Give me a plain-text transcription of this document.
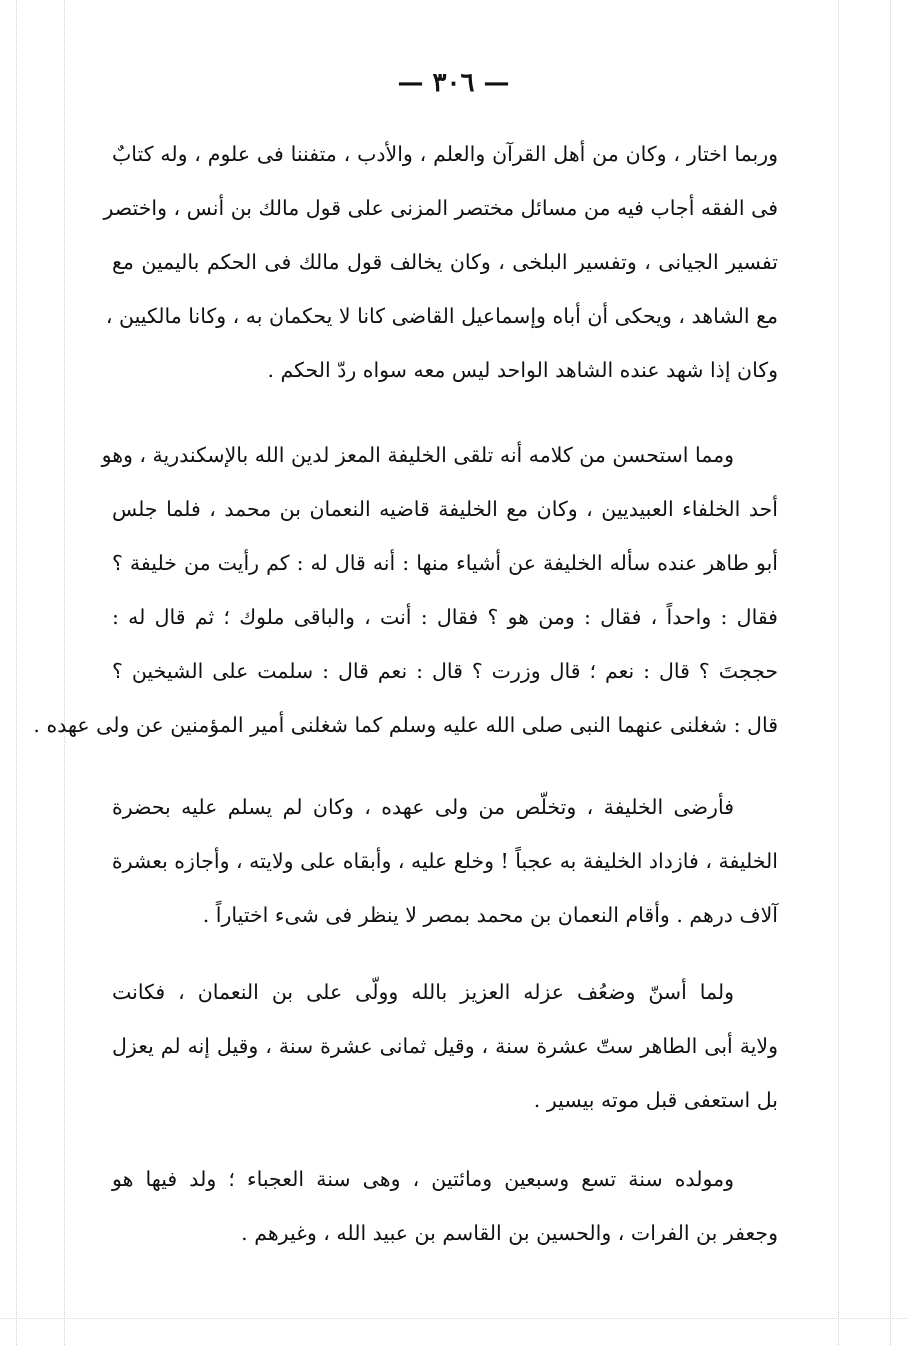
— ٣٠٦ —
وربما اختار ، وكان من أهل القرآن والعلم ، والأدب ، متفننا فى علوم ، وله كتابٌ
فى الفقه أجاب فيه من مسائل مختصر المزنى على قول مالك بن أنس ، واختصر
تفسير الجيانى ، وتفسير البلخى ، وكان يخالف قول مالك فى الحكم باليمين مع
مع الشاهد ، ويحكى أن أباه وإسماعيل القاضى كانا لا يحكمان به ، وكانا مالكيين ،
وكان إذا شهد عنده الشاهد الواحد ليس معه سواه ردّ الحكم .
ومما استحسن من كلامه أنه تلقى الخليفة المعز لدين الله بالإسكندرية ، وهو
أحد الخلفاء العبيديين ، وكان مع الخليفة قاضيه النعمان بن محمد ، فلما جلس
أبو طاهر عنده سأله الخليفة عن أشياء منها : أنه قال له : كم رأيت من خليفة ؟
فقال : واحداً ، فقال : ومن هو ؟ فقال : أنت ، والباقى ملوك ؛ ثم قال له :
حججتَ ؟ قال : نعم ؛ قال وزرت ؟ قال : نعم قال : سلمت على الشيخين ؟
قال : شغلنى عنهما النبى صلى الله عليه وسلم كما شغلنى أمير المؤمنين عن ولى عهده .
فأرضى الخليفة ، وتخلّص من ولى عهده ، وكان لم يسلم عليه بحضرة
الخليفة ، فازداد الخليفة به عجباً ! وخلع عليه ، وأبقاه على ولايته ، وأجازه بعشرة
آلاف درهم . وأقام النعمان بن محمد بمصر لا ينظر فى شىء اختياراً .
ولما أسنّ وضعُف عزله العزيز بالله وولّى على بن النعمان ، فكانت
ولاية أبى الطاهر ستّ عشرة سنة ، وقيل ثمانى عشرة سنة ، وقيل إنه لم يعزل
بل استعفى قبل موته بيسير .
ومولده سنة تسع وسبعين ومائتين ، وهى سنة العجباء ؛ ولد فيها هو
وجعفر بن الفرات ، والحسين بن القاسم بن عبيد الله ، وغيرهم .
